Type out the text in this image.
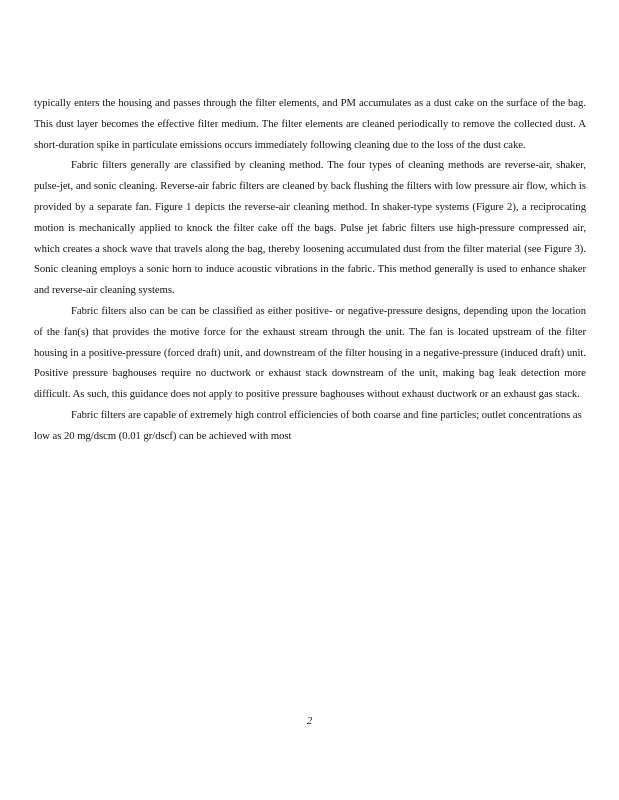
typically enters the housing and passes through the filter elements, and PM accumulates as a dust cake on the surface of the bag. This dust layer becomes the effective filter medium. The filter elements are cleaned periodically to remove the collected dust. A short-duration spike in particulate emissions occurs immediately following cleaning due to the loss of the dust cake.

Fabric filters generally are classified by cleaning method. The four types of cleaning methods are reverse-air, shaker, pulse-jet, and sonic cleaning. Reverse-air fabric filters are cleaned by back flushing the filters with low pressure air flow, which is provided by a separate fan. Figure 1 depicts the reverse-air cleaning method. In shaker-type systems (Figure 2), a reciprocating motion is mechanically applied to knock the filter cake off the bags. Pulse jet fabric filters use high-pressure compressed air, which creates a shock wave that travels along the bag, thereby loosening accumulated dust from the filter material (see Figure 3). Sonic cleaning employs a sonic horn to induce acoustic vibrations in the fabric. This method generally is used to enhance shaker and reverse-air cleaning systems.

Fabric filters also can be can be classified as either positive- or negative-pressure designs, depending upon the location of the fan(s) that provides the motive force for the exhaust stream through the unit. The fan is located upstream of the filter housing in a positive-pressure (forced draft) unit, and downstream of the filter housing in a negative-pressure (induced draft) unit. Positive pressure baghouses require no ductwork or exhaust stack downstream of the unit, making bag leak detection more difficult. As such, this guidance does not apply to positive pressure baghouses without exhaust ductwork or an exhaust gas stack.

Fabric filters are capable of extremely high control efficiencies of both coarse and fine particles; outlet concentrations as low as 20 mg/dscm (0.01 gr/dscf) can be achieved with most

2
